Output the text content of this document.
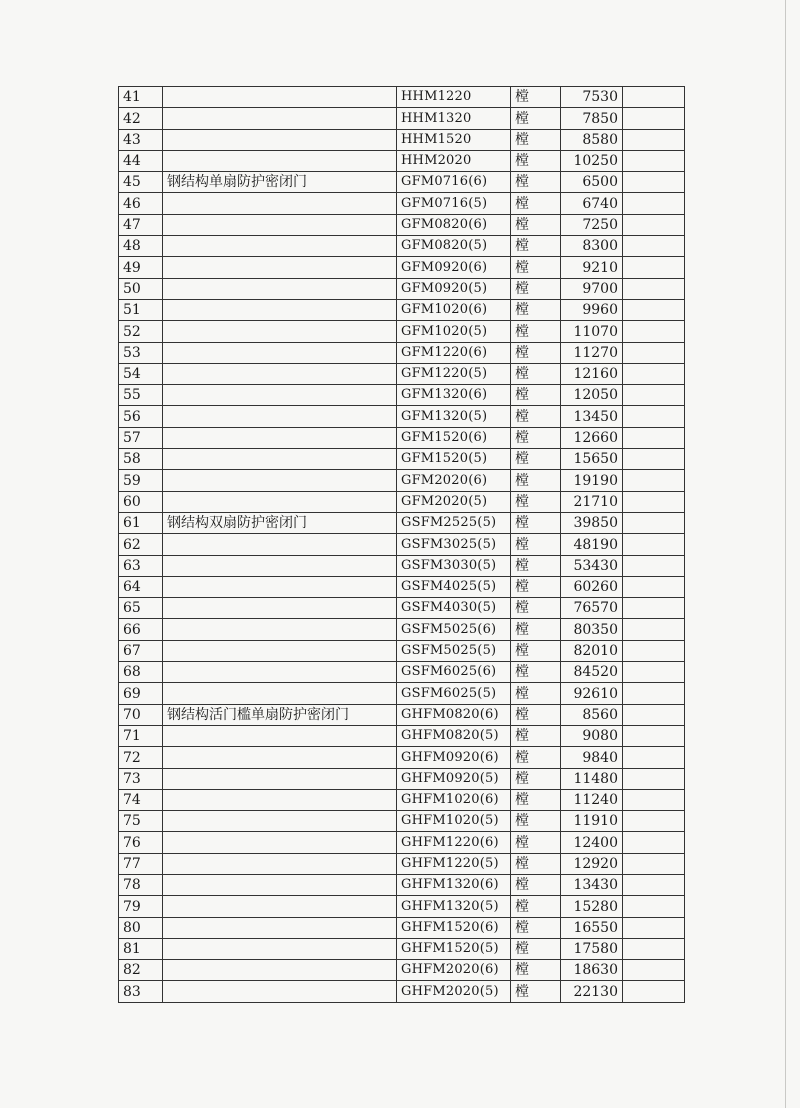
41		HHM1220	樘	7530	
42		HHM1320	樘	7850	
43		HHM1520	樘	8580	
44		HHM2020	樘	10250	
45	钢结构单扇防护密闭门	GFM0716(6)	樘	6500	
46		GFM0716(5)	樘	6740	
47		GFM0820(6)	樘	7250	
48		GFM0820(5)	樘	8300	
49		GFM0920(6)	樘	9210	
50		GFM0920(5)	樘	9700	
51		GFM1020(6)	樘	9960	
52		GFM1020(5)	樘	11070	
53		GFM1220(6)	樘	11270	
54		GFM1220(5)	樘	12160	
55		GFM1320(6)	樘	12050	
56		GFM1320(5)	樘	13450	
57		GFM1520(6)	樘	12660	
58		GFM1520(5)	樘	15650	
59		GFM2020(6)	樘	19190	
60		GFM2020(5)	樘	21710	
61	钢结构双扇防护密闭门	GSFM2525(5)	樘	39850	
62		GSFM3025(5)	樘	48190	
63		GSFM3030(5)	樘	53430	
64		GSFM4025(5)	樘	60260	
65		GSFM4030(5)	樘	76570	
66		GSFM5025(6)	樘	80350	
67		GSFM5025(5)	樘	82010	
68		GSFM6025(6)	樘	84520	
69		GSFM6025(5)	樘	92610	
70	钢结构活门槛单扇防护密闭门	GHFM0820(6)	樘	8560	
71		GHFM0820(5)	樘	9080	
72		GHFM0920(6)	樘	9840	
73		GHFM0920(5)	樘	11480	
74		GHFM1020(6)	樘	11240	
75		GHFM1020(5)	樘	11910	
76		GHFM1220(6)	樘	12400	
77		GHFM1220(5)	樘	12920	
78		GHFM1320(6)	樘	13430	
79		GHFM1320(5)	樘	15280	
80		GHFM1520(6)	樘	16550	
81		GHFM1520(5)	樘	17580	
82		GHFM2020(6)	樘	18630	
83		GHFM2020(5)	樘	22130	
